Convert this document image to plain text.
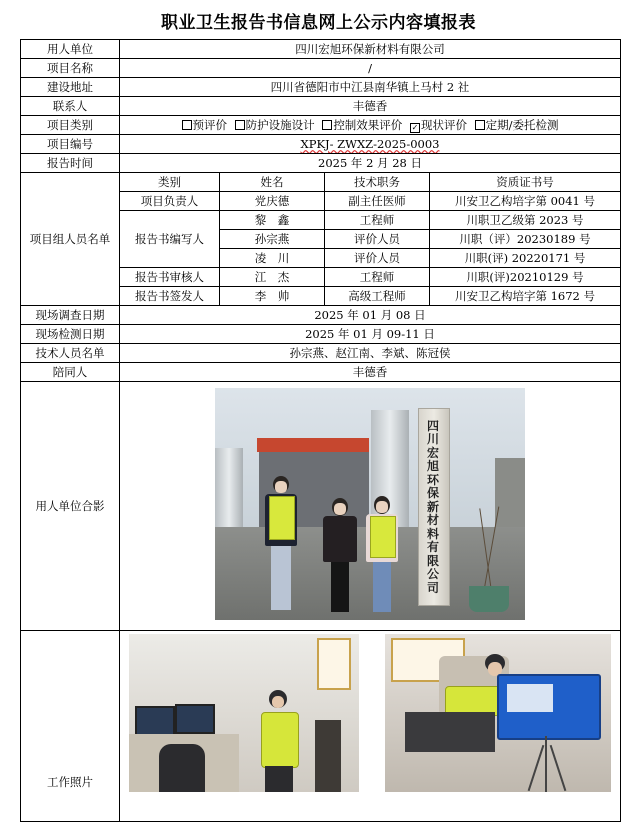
职业卫生报告书信息网上公示内容填报表
用人单位	四川宏旭环保新材料有限公司			
项目名称	/			
建设地址	四川省德阳市中江县南华镇上马村 2 社			
联系人	丰德香			
项目类别	预评价 防护设施设计 控制效果评价 ✓ 现状评价 定期/委托检测
项目编号	XPKJ- ZWXZ-2025-0003			
报告时间	2025 年 2 月 28 日			
项目组人员名单	类别	姓名	技术职务	资质证书号
	项目负责人	党庆德	副主任医师	川安卫乙构培字第 0041 号
	报告书编写人	黎　鑫	工程师	川职卫乙级第 2023 号
		孙宗燕	评价人员	川职（评）20230189 号
		凌　川	评价人员	川职(评) 20220171 号
	报告书审核人	江　杰	工程师	川职(评)20210129 号
	报告书签发人	李　帅	高级工程师	川安卫乙构培字第 1672 号
现场调查日期	2025 年 01 月 08 日			
现场检测日期	2025 年 01 月 09-11 日			
技术人员名单	孙宗燕、赵江南、李斌、陈冠侯			
陪同人	丰德香			
用人单位合影	四川宏旭环保新材料有限公司			

工作照片				
